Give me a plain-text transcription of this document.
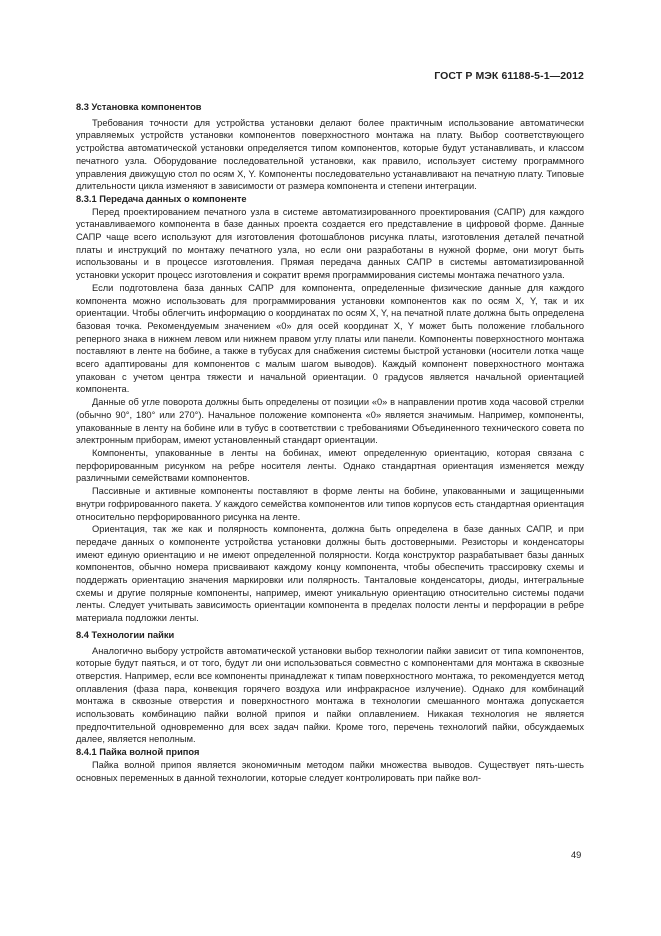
ГОСТ Р МЭК 61188-5-1—2012
8.3 Установка компонентов

Требования точности для устройства установки делают более практичным использование автоматически управляемых устройств установки компонентов поверхностного монтажа на плату. Выбор соответствующего устройства автоматической установки определяется типом компонентов, которые будут устанавливать, и классом печатного узла. Оборудование последовательной установки, как правило, использует систему программного управления движущую стол по осям X, Y. Компоненты последовательно устанавливают на печатную плату. Типовые длительности цикла изменяют в зависимости от размера компонента и степени интеграции.

8.3.1 Передача данных о компоненте

Перед проектированием печатного узла в системе автоматизированного проектирования (САПР) для каждого устанавливаемого компонента в базе данных проекта создается его представление в цифровой форме. Данные САПР чаще всего используют для изготовления фотошаблонов рисунка платы, изготовления деталей печатной платы и инструкций по монтажу печатного узла, но если они разработаны в нужной форме, они могут быть использованы и в процессе изготовления. Прямая передача данных САПР в системы автоматизированной установки ускорит процесс изготовления и сократит время программирования системы монтажа печатного узла.

Если подготовлена база данных САПР для компонента, определенные физические данные для каждого компонента можно использовать для программирования установки компонентов как по осям X, Y, так и их ориентации. Чтобы облегчить информацию о координатах по осям X, Y, на печатной плате должна быть определена базовая точка. Рекомендуемым значением «0» для осей координат X, Y может быть положение глобального реперного знака в нижнем левом или нижнем правом углу платы или панели. Компоненты поверхностного монтажа поставляют в ленте на бобине, а также в тубусах для снабжения системы быстрой установки (носители лотка чаще всего адаптированы для компонентов с малым шагом выводов). Каждый компонент поверхностного монтажа упакован с учетом центра тяжести и начальной ориентации. 0 градусов является начальной ориентацией компонента.

Данные об угле поворота должны быть определены от позиции «0» в направлении против хода часовой стрелки (обычно 90°, 180° или 270°). Начальное положение компонента «0» является значимым. Например, компоненты, упакованные в ленту на бобине или в тубус в соответствии с требованиями Объединенного технического совета по электронным приборам, имеют установленный стандарт ориентации.

Компоненты, упакованные в ленты на бобинах, имеют определенную ориентацию, которая связана с перфорированным рисунком на ребре носителя ленты. Однако стандартная ориентация изменяется между различными семействами компонентов.

Пассивные и активные компоненты поставляют в форме ленты на бобине, упакованными и защищенными внутри гофрированного пакета. У каждого семейства компонентов или типов корпусов есть стандартная ориентация относительно перфорированного рисунка на ленте.

Ориентация, так же как и полярность компонента, должна быть определена в базе данных САПР, и при передаче данных о компоненте устройства установки должны быть достоверными. Резисторы и конденсаторы имеют единую ориентацию и не имеют определенной полярности. Когда конструктор разрабатывает базы данных компонентов, обычно номера присваивают каждому концу компонента, чтобы обеспечить трассировку схемы и поддержать ориентацию значения маркировки или полярность. Танталовые конденсаторы, диоды, интегральные схемы и другие полярные компоненты, например, имеют уникальную ориентацию относительно системы подачи ленты. Следует учитывать зависимость ориентации компонента в пределах полости ленты и перфорации в ребре материала подложки ленты.

8.4 Технологии пайки

Аналогично выбору устройств автоматической установки выбор технологии пайки зависит от типа компонентов, которые будут паяться, и от того, будут ли они использоваться совместно с компонентами для монтажа в сквозные отверстия. Например, если все компоненты принадлежат к типам поверхностного монтажа, то рекомендуется метод оплавления (фаза пара, конвекция горячего воздуха или инфракрасное излучение). Однако для комбинаций монтажа в сквозные отверстия и поверхностного монтажа в технологии смешанного монтажа допускается использовать комбинацию пайки волной припоя и пайки оплавлением. Никакая технология не является предпочтительной одновременно для всех задач пайки. Кроме того, перечень технологий пайки, обсуждаемых далее, является неполным.

8.4.1 Пайка волной припоя

Пайка волной припоя является экономичным методом пайки множества выводов. Существует пять-шесть основных переменных в данной технологии, которые следует контролировать при пайке вол-

49
